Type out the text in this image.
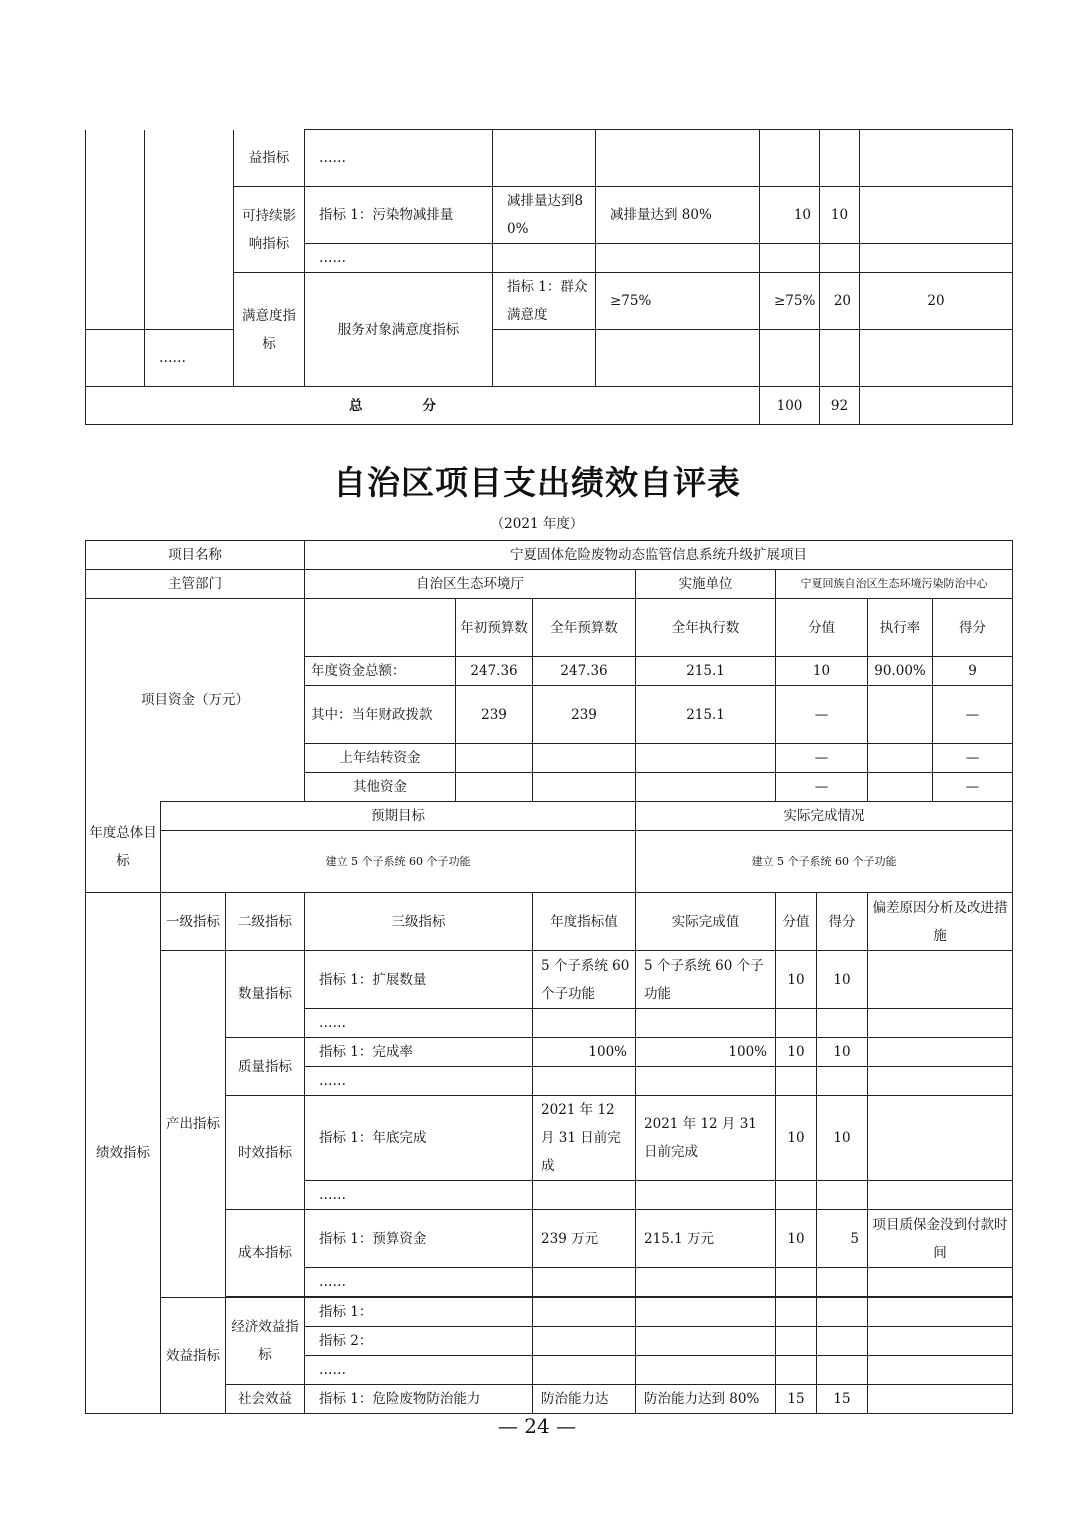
		益指标	……						
		可持续影响指标	指标 1：污染物减排量	减排量达到80%	减排量达到 80%	10	10		
			……						
		满意度指标	服务对象满意度指标	指标 1：群众满意度	≥75%	≥75%	20	20	
	……								
总分						100	92		
自治区项目支出绩效自评表
（2021 年度）
项目名称			宁夏固体危险废物动态监管信息系统升级扩展项目							
主管部门			自治区生态环境厅			实施单位	宁夏回族自治区生态环境污染防治中心			
项目资金（万元）				年初预算数	全年预算数	全年执行数	分值		执行率	得分
			年度资金总额：	247.36	247.36	215.1	10		90.00%	9
			其中：当年财政拨款	239	239	215.1	—			—
			上年结转资金				—			—
			其他资金				—			—
年度总体目标	预期目标					实际完成情况				
	建立 5 个子系统 60 个子功能					建立 5 个子系统 60 个子功能				
绩效指标	一级指标	二级指标	三级指标		年度指标值	实际完成值	分值	得分	偏差原因分析及改进措施	
	产出指标	数量指标	指标 1：扩展数量		5 个子系统 60 个子功能	5 个子系统 60 个子功能	10	10		
			……							
		质量指标	指标 1：完成率		100%	100%	10	10		
			……							
		时效指标	指标 1：年底完成		2021 年 12 月 31 日前完成	2021 年 12 月 31 日前完成	10	10		
			……							
		成本指标	指标 1：预算资金		239 万元	215.1 万元	10	5	项目质保金没到付款时间	
			……							

	效益指标	经济效益指标	指标 1：							
			指标 2：							
			……							
		社会效益	指标 1：危险废物防治能力		防治能力达	防治能力达到 80%	15	15		
— 24 —
